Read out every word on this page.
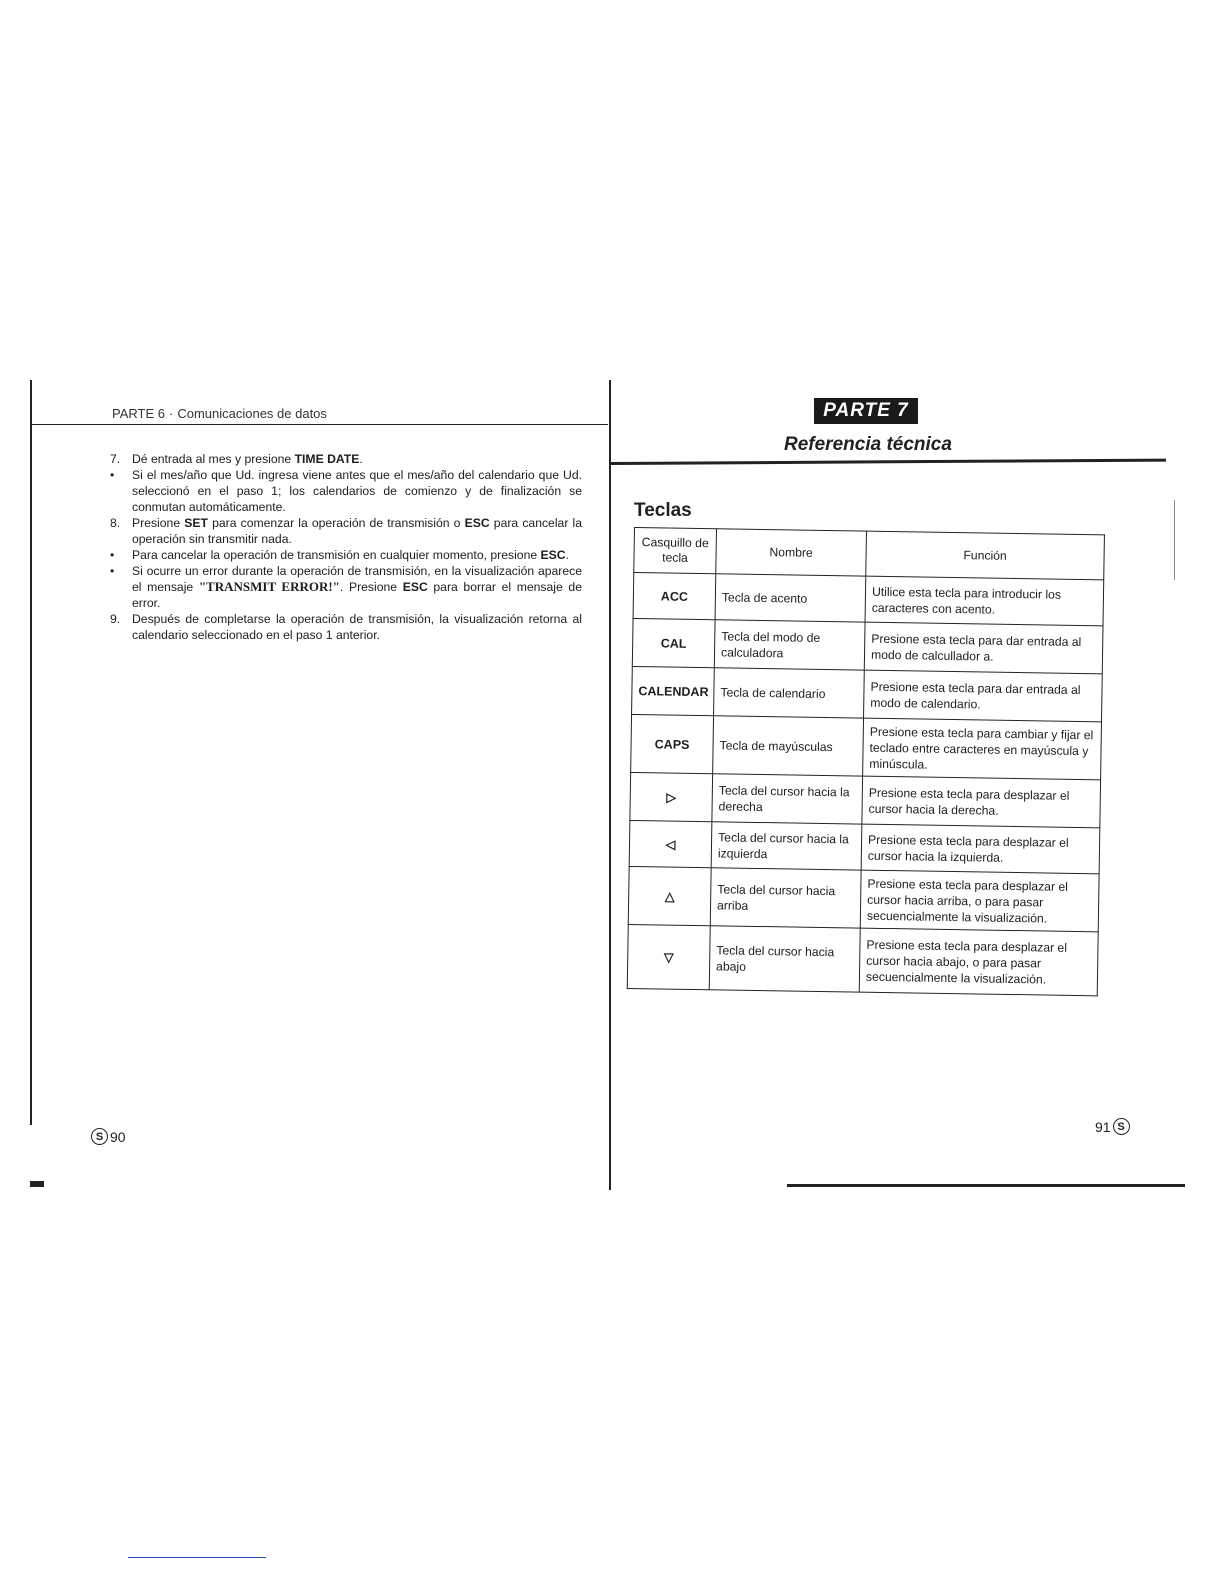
PARTE 6 · Comunicaciones de datos
7. Dé entrada al mes y presione TIME DATE.
•	Si el mes/año que Ud. ingresa viene antes que el mes/año del calendario que Ud. seleccionó en el paso 1; los calendarios de comienzo y de finalización se conmutan automáticamente.
8. Presione SET para comenzar la operación de transmisión o ESC para cancelar la operación sin transmitir nada.
•	Para cancelar la operación de transmisión en cualquier momento, presione ESC.
•	Si ocurre un error durante la operación de transmisión, en la visualización aparece el mensaje "TRANSMIT ERROR!". Presione ESC para borrar el mensaje de error.
9. Después de completarse la operación de transmisión, la visualización retorna al calendario seleccionado en el paso 1 anterior.
S 90
PARTE 7
Referencia técnica
Teclas
Casquillo de tecla	Nombre	Función
ACC	Tecla de acento	Utilice esta tecla para introducir los caracteres con acento.
CAL	Tecla del modo de calculadora	Presione esta tecla para dar entrada al modo de calcullador a.
CALENDAR	Tecla de calendario	Presione esta tecla para dar entrada al modo de calendario.
CAPS	Tecla de mayúsculas	Presione esta tecla para cambiar y fijar el teclado entre caracteres en mayúscula y minúscula.
▷	Tecla del cursor hacia la derecha	Presione esta tecla para desplazar el cursor hacia la derecha.
◁	Tecla del cursor hacia la izquierda	Presione esta tecla para desplazar el cursor hacia la izquierda.
△	Tecla del cursor hacia arriba	Presione esta tecla para desplazar el cursor hacia arriba, o para pasar secuencialmente la visualización.
▽	Tecla del cursor hacia abajo	Presione esta tecla para desplazar el cursor hacia abajo, o para pasar secuencialmente la visualización.
91 S
